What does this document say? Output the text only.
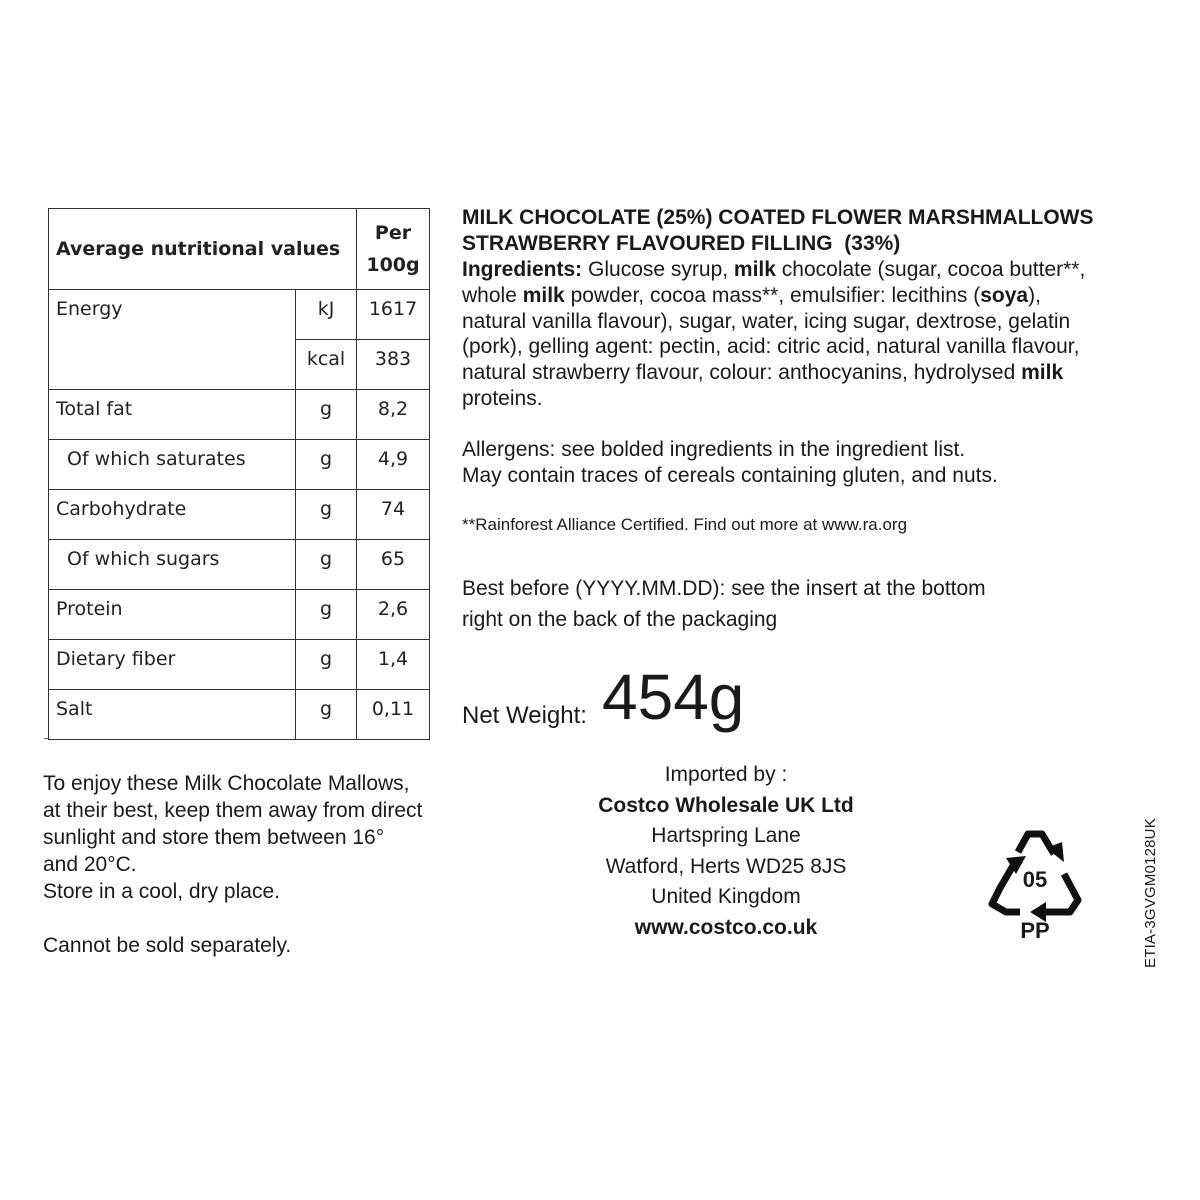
Average nutritional values		Per
100g
Energy	kJ	1617
	kcal	383
Total fat	g	8,2
Of which saturates	g	4,9
Carbohydrate	g	74
Of which sugars	g	65
Protein	g	2,6
Dietary fiber	g	1,4
Salt	g	0,11
MILK CHOCOLATE (25%) COATED FLOWER MARSHMALLOWS
STRAWBERRY FLAVOURED FILLING  (33%)
Ingredients: Glucose syrup, milk chocolate (sugar, cocoa butter**,
whole milk powder, cocoa mass**, emulsifier: lecithins (soya),
natural vanilla flavour), sugar, water, icing sugar, dextrose, gelatin
(pork), gelling agent: pectin, acid: citric acid, natural vanilla flavour,
natural strawberry flavour, colour: anthocyanins, hydrolysed milk
proteins.
Allergens: see bolded ingredients in the ingredient list.
May contain traces of cereals containing gluten, and nuts.
**Rainforest Alliance Certified. Find out more at www.ra.org
Best before (YYYY.MM.DD): see the insert at the bottom
right on the back of the packaging
Net Weight: 454g
Imported by :
Costco Wholesale UK Ltd
Hartspring Lane
Watford, Herts WD25 8JS
United Kingdom
www.costco.co.uk
To enjoy these Milk Chocolate Mallows,
at their best, keep them away from direct
sunlight and store them between 16°
and 20°C.
Store in a cool, dry place.
Cannot be sold separately.
05
PP	ETIA-3GVGM0128UK
